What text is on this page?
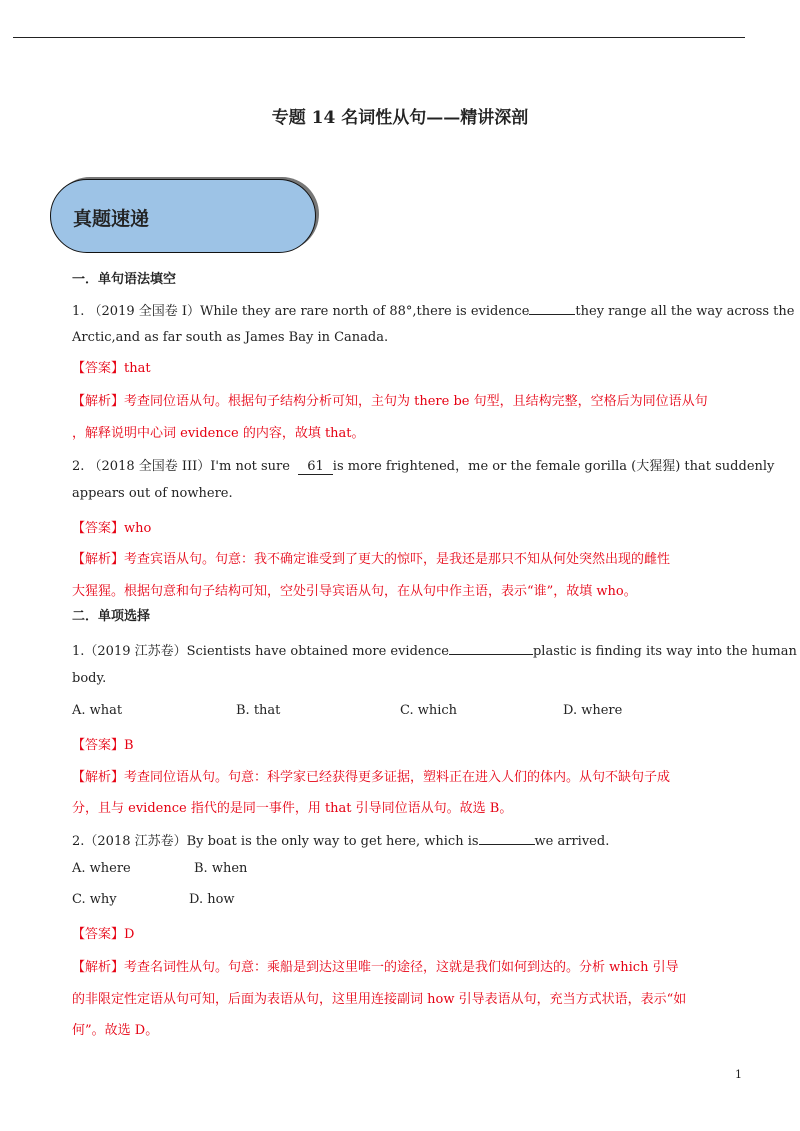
专题 14 名词性从句——精讲深剖
真题速递
一．单句语法填空
1. （2019 全国卷 I）While they are rare north of 88°,there is evidence	they range all the way across the
Arctic,and as far south as James Bay in Canada.
【答案】that
【解析】考查同位语从句。根据句子结构分析可知，主句为 there be 句型，且结构完整，空格后为同位语从句
，解释说明中心词 evidence 的内容，故填 that。
2. （2018 全国卷 III）I'm not sure 61 is more frightened，me or the female gorilla (大猩猩) that suddenly
appears out of nowhere.
【答案】who
【解析】考查宾语从句。句意：我不确定谁受到了更大的惊吓，是我还是那只不知从何处突然出现的雌性
大猩猩。根据句意和句子结构可知，空处引导宾语从句，在从句中作主语，表示“谁”，故填 who。
二．单项选择
1.（2019 江苏卷）Scientists have obtained more evidence	plastic is finding its way into the human
body.
A. what	B. that	C. which	D. where
【答案】B
【解析】考查同位语从句。句意：科学家已经获得更多证据，塑料正在进入人们的体内。从句不缺句子成
分，且与 evidence 指代的是同一事件，用 that 引导同位语从句。故选 B。
2.（2018 江苏卷）By boat is the only way to get here, which is	we arrived.
A. where	B. when
C. why	D. how
【答案】D
【解析】考查名词性从句。句意：乘船是到达这里唯一的途径，这就是我们如何到达的。分析 which 引导
的非限定性定语从句可知，后面为表语从句，这里用连接副词 how 引导表语从句，充当方式状语，表示“如
何”。故选 D。
1
